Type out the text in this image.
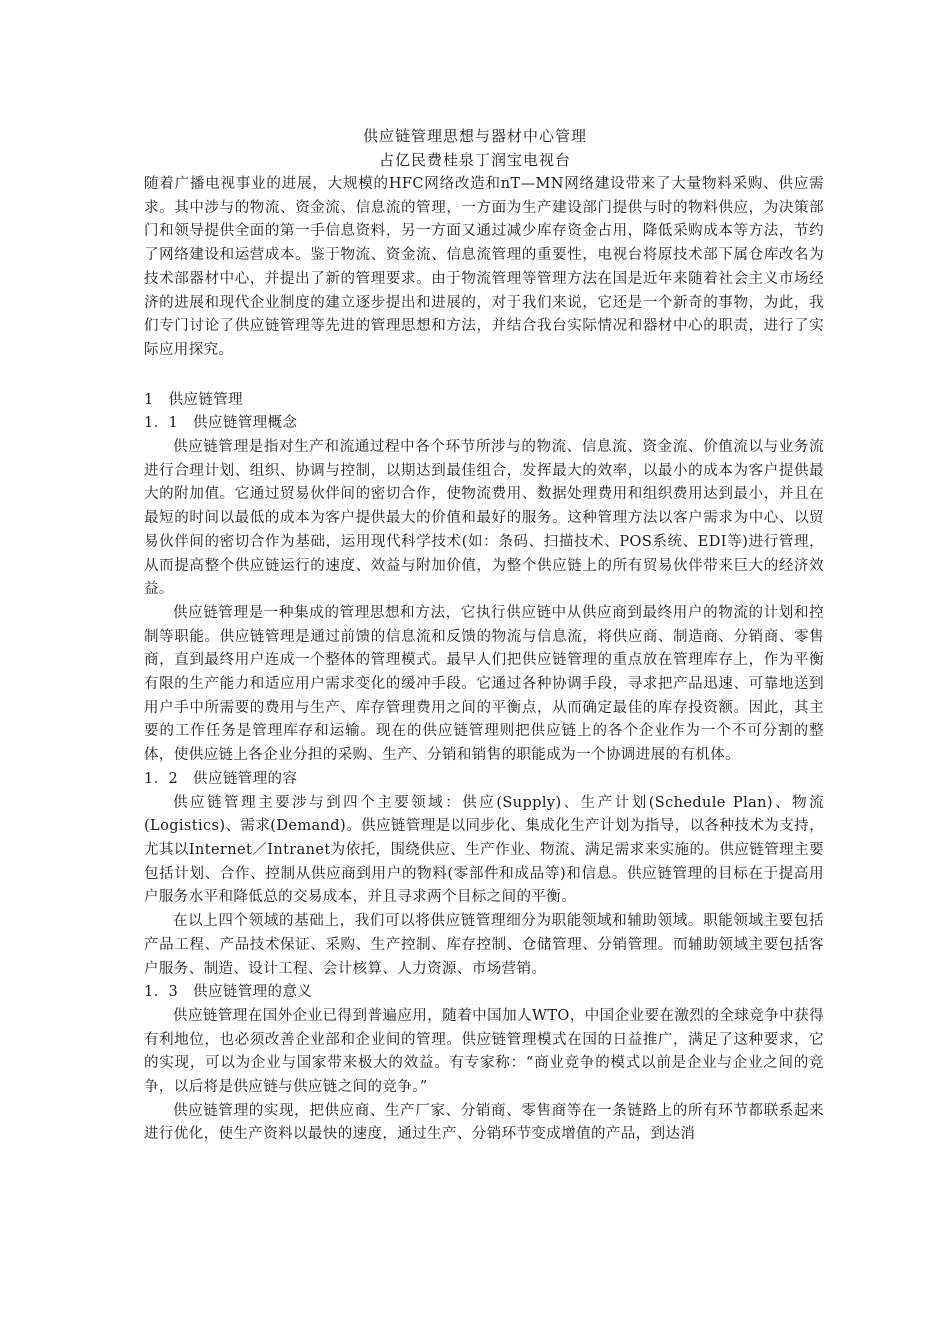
供应链管理思想与器材中心管理
占亿民费桂泉丁润宝电视台

随着广播电视事业的进展，大规模的HFC网络改造和nT—MN网络建设带来了大量物料采购、供应需求。其中涉与的物流、资金流、信息流的管理，一方面为生产建设部门提供与时的物料供应，为决策部门和领导提供全面的第一手信息资料，另一方面又通过减少库存资金占用，降低采购成本等方法，节约了网络建设和运营成本。鉴于物流、资金流、信息流管理的重要性，电视台将原技术部下属仓库改名为技术部器材中心，并提出了新的管理要求。由于物流管理等管理方法在国是近年来随着社会主义市场经济的进展和现代企业制度的建立逐步提出和进展的，对于我们来说，它还是一个新奇的事物，为此，我们专门讨论了供应链管理等先进的管理思想和方法，并结合我台实际情况和器材中心的职责，进行了实际应用探究。

1　供应链管理

1．1　供应链管理概念

供应链管理是指对生产和流通过程中各个环节所涉与的物流、信息流、资金流、价值流以与业务流进行合理计划、组织、协调与控制，以期达到最佳组合，发挥最大的效率，以最小的成本为客户提供最大的附加值。它通过贸易伙伴间的密切合作，使物流费用、数据处理费用和组织费用达到最小，并且在最短的时间以最低的成本为客户提供最大的价值和最好的服务。这种管理方法以客户需求为中心、以贸易伙伴间的密切合作为基础，运用现代科学技术(如：条码、扫描技术、POS系统、EDI等)进行管理，从而提高整个供应链运行的速度、效益与附加价值，为整个供应链上的所有贸易伙伴带来巨大的经济效益。

供应链管理是一种集成的管理思想和方法，它执行供应链中从供应商到最终用户的物流的计划和控制等职能。供应链管理是通过前馈的信息流和反馈的物流与信息流，将供应商、制造商、分销商、零售商，直到最终用户连成一个整体的管理模式。最早人们把供应链管理的重点放在管理库存上，作为平衡有限的生产能力和适应用户需求变化的缓冲手段。它通过各种协调手段，寻求把产品迅速、可靠地送到用户手中所需要的费用与生产、库存管理费用之间的平衡点，从而确定最佳的库存投资额。因此，其主要的工作任务是管理库存和运输。现在的供应链管理则把供应链上的各个企业作为一个不可分割的整体，使供应链上各企业分担的采购、生产、分销和销售的职能成为一个协调进展的有机体。

1．2　供应链管理的容

供应链管理主要涉与到四个主要领域：供应(Supply)、生产计划(Schedule Plan)、物流(Logistics)、需求(Demand)。供应链管理是以同步化、集成化生产计划为指导，以各种技术为支持，尤其以Internet／Intranet为依托，围绕供应、生产作业、物流、满足需求来实施的。供应链管理主要包括计划、合作、控制从供应商到用户的物料(零部件和成品等)和信息。供应链管理的目标在于提高用户服务水平和降低总的交易成本，并且寻求两个目标之间的平衡。

在以上四个领域的基础上，我们可以将供应链管理细分为职能领域和辅助领域。职能领域主要包括产品工程、产品技术保证、采购、生产控制、库存控制、仓储管理、分销管理。而辅助领域主要包括客户服务、制造、设计工程、会计核算、人力资源、市场营销。

1．3　供应链管理的意义

供应链管理在国外企业已得到普遍应用，随着中国加人WTO，中国企业要在激烈的全球竞争中获得有利地位，也必须改善企业部和企业间的管理。供应链管理模式在国的日益推广，满足了这种要求，它的实现，可以为企业与国家带来极大的效益。有专家称：“商业竞争的模式以前是企业与企业之间的竞争，以后将是供应链与供应链之间的竞争。”

供应链管理的实现，把供应商、生产厂家、分销商、零售商等在一条链路上的所有环节都联系起来进行优化，使生产资料以最快的速度，通过生产、分销环节变成增值的产品，到达消
